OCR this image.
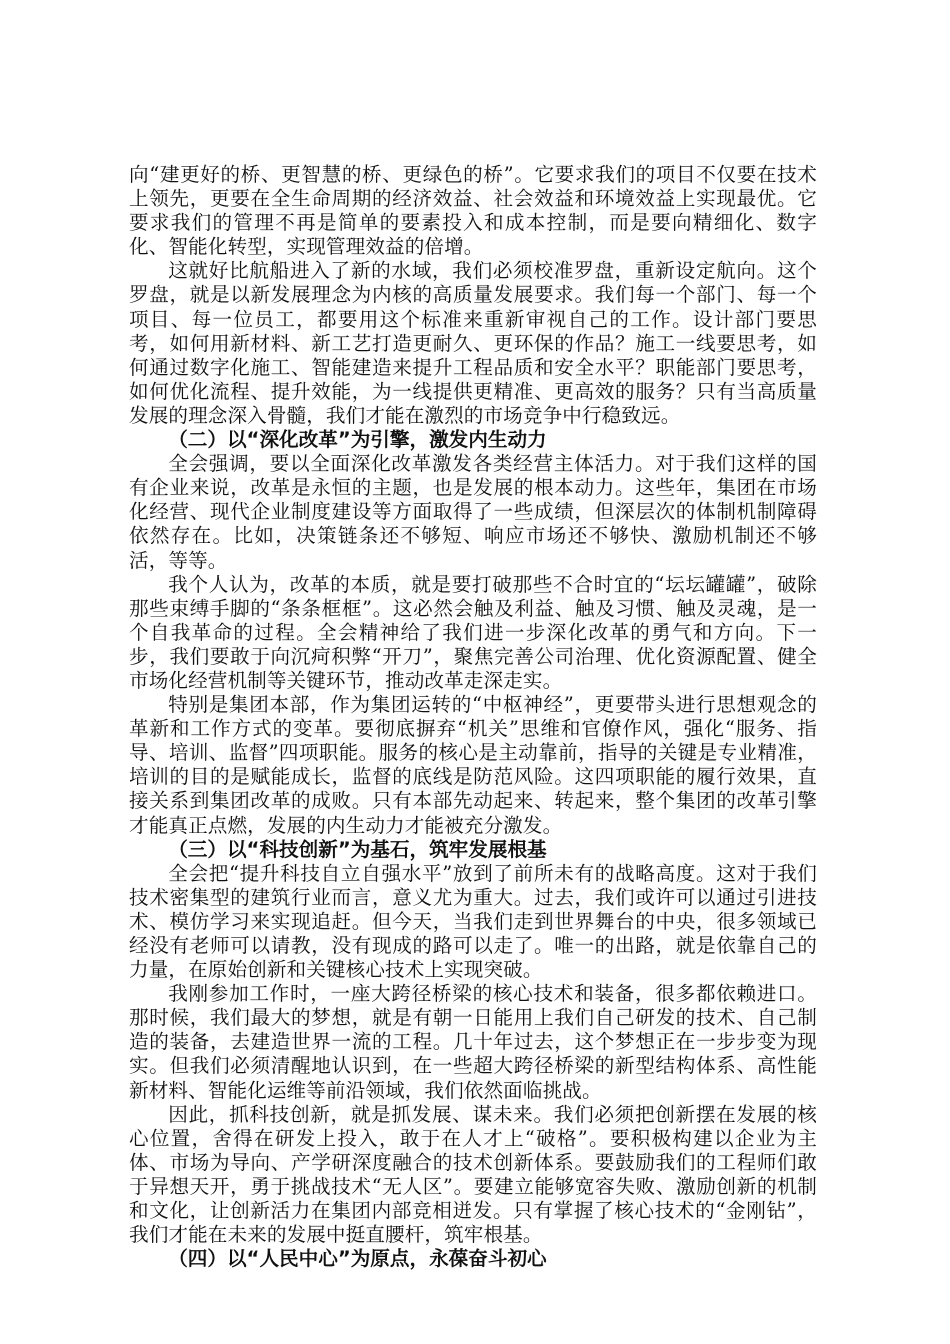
向“建更好的桥、更智慧的桥、更绿色的桥”。它要求我们的项目不仅要在技术上领先，更要在全生命周期的经济效益、社会效益和环境效益上实现最优。它要求我们的管理不再是简单的要素投入和成本控制，而是要向精细化、数字化、智能化转型，实现管理效益的倍增。

这就好比航船进入了新的水域，我们必须校准罗盘，重新设定航向。这个罗盘，就是以新发展理念为内核的高质量发展要求。我们每一个部门、每一个项目、每一位员工，都要用这个标准来重新审视自己的工作。设计部门要思考，如何用新材料、新工艺打造更耐久、更环保的作品？施工一线要思考，如何通过数字化施工、智能建造来提升工程品质和安全水平？职能部门要思考，如何优化流程、提升效能，为一线提供更精准、更高效的服务？只有当高质量发展的理念深入骨髓，我们才能在激烈的市场竞争中行稳致远。

（二）以“深化改革”为引擎，激发内生动力

全会强调，要以全面深化改革激发各类经营主体活力。对于我们这样的国有企业来说，改革是永恒的主题，也是发展的根本动力。这些年，集团在市场化经营、现代企业制度建设等方面取得了一些成绩，但深层次的体制机制障碍依然存在。比如，决策链条还不够短、响应市场还不够快、激励机制还不够活，等等。

我个人认为，改革的本质，就是要打破那些不合时宜的“坛坛罐罐”，破除那些束缚手脚的“条条框框”。这必然会触及利益、触及习惯、触及灵魂，是一个自我革命的过程。全会精神给了我们进一步深化改革的勇气和方向。下一步，我们要敢于向沉疴积弊“开刀”，聚焦完善公司治理、优化资源配置、健全市场化经营机制等关键环节，推动改革走深走实。

特别是集团本部，作为集团运转的“中枢神经”，更要带头进行思想观念的革新和工作方式的变革。要彻底摒弃“机关”思维和官僚作风，强化“服务、指导、培训、监督”四项职能。服务的核心是主动靠前，指导的关键是专业精准，培训的目的是赋能成长，监督的底线是防范风险。这四项职能的履行效果，直接关系到集团改革的成败。只有本部先动起来、转起来，整个集团的改革引擎才能真正点燃，发展的内生动力才能被充分激发。

（三）以“科技创新”为基石，筑牢发展根基

全会把“提升科技自立自强水平”放到了前所未有的战略高度。这对于我们技术密集型的建筑行业而言，意义尤为重大。过去，我们或许可以通过引进技术、模仿学习来实现追赶。但今天，当我们走到世界舞台的中央，很多领域已经没有老师可以请教，没有现成的路可以走了。唯一的出路，就是依靠自己的力量，在原始创新和关键核心技术上实现突破。

我刚参加工作时，一座大跨径桥梁的核心技术和装备，很多都依赖进口。那时候，我们最大的梦想，就是有朝一日能用上我们自己研发的技术、自己制造的装备，去建造世界一流的工程。几十年过去，这个梦想正在一步步变为现实。但我们必须清醒地认识到，在一些超大跨径桥梁的新型结构体系、高性能新材料、智能化运维等前沿领域，我们依然面临挑战。

因此，抓科技创新，就是抓发展、谋未来。我们必须把创新摆在发展的核心位置，舍得在研发上投入，敢于在人才上“破格”。要积极构建以企业为主体、市场为导向、产学研深度融合的技术创新体系。要鼓励我们的工程师们敢于异想天开，勇于挑战技术“无人区”。要建立能够宽容失败、激励创新的机制和文化，让创新活力在集团内部竞相迸发。只有掌握了核心技术的“金刚钻”，我们才能在未来的发展中挺直腰杆，筑牢根基。

（四）以“人民中心”为原点，永葆奋斗初心
